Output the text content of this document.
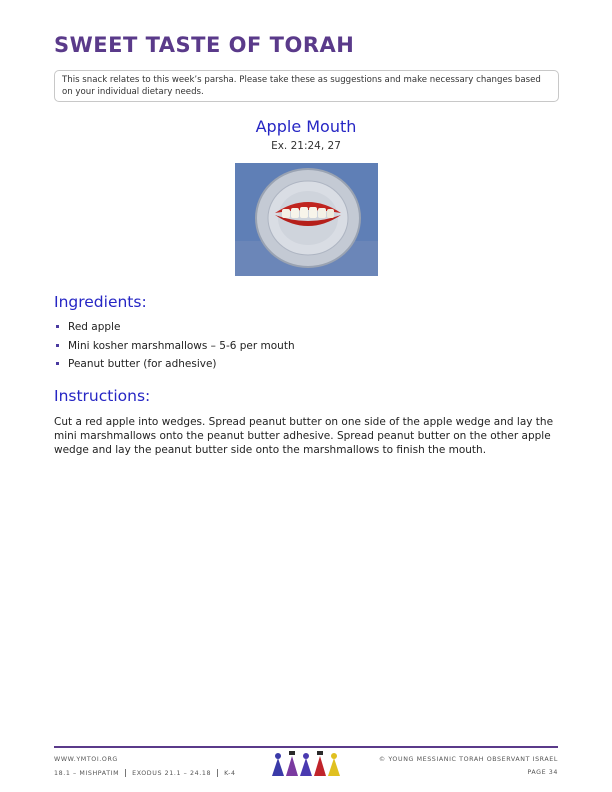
SWEET TASTE OF TORAH
This snack relates to this week’s parsha. Please take these as suggestions and make necessary changes based on your individual dietary needs.
Apple Mouth
Ex. 21:24, 27
Ingredients:
Red apple
Mini kosher marshmallows – 5-6 per mouth
Peanut butter (for adhesive)
Instructions:
Cut a red apple into wedges. Spread peanut butter on one side of the apple wedge and lay the mini marshmallows onto the peanut butter adhesive. Spread peanut butter on the other apple wedge and lay the peanut butter side onto the marshmallows to finish the mouth.
WWW.YMTOI.ORG
18.1 – MISHPATIM EXODUS 21.1 – 24.18 K-4
© YOUNG MESSIANIC TORAH OBSERVANT ISRAEL
PAGE 34
